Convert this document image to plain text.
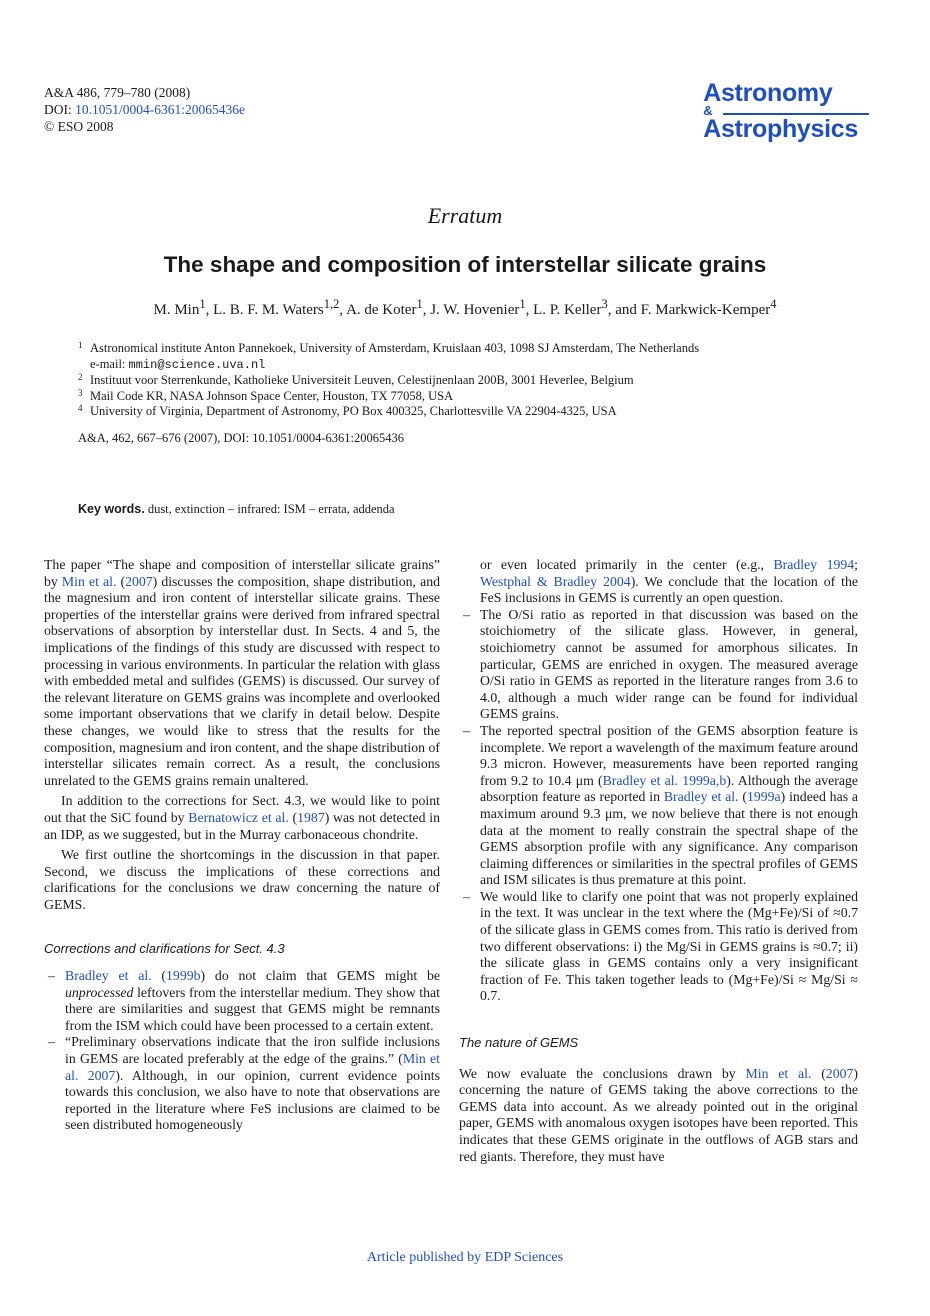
A&A 486, 779–780 (2008)
DOI: 10.1051/0004-6361:20065436e
© ESO 2008
Astronomy
&
Astrophysics
Erratum
The shape and composition of interstellar silicate grains
M. Min$^1$, L. B. F. M. Waters$^{1,2}$, A. de Koter$^1$, J. W. Hovenier$^1$, L. P. Keller$^3$, and F. Markwick-Kemper$^4$
1 Astronomical institute Anton Pannekoek, University of Amsterdam, Kruislaan 403, 1098 SJ Amsterdam, The Netherlands
e-mail: mmin@science.uva.nl
2 Instituut voor Sterrenkunde, Katholieke Universiteit Leuven, Celestijnenlaan 200B, 3001 Heverlee, Belgium
3 Mail Code KR, NASA Johnson Space Center, Houston, TX 77058, USA
4 University of Virginia, Department of Astronomy, PO Box 400325, Charlottesville VA 22904-4325, USA
A&A, 462, 667–676 (2007), DOI: 10.1051/0004-6361:20065436
Key words. dust, extinction – infrared: ISM – errata, addenda

The paper “The shape and composition of interstellar silicate grains” by Min et al. (2007) discusses the composition, shape distribution, and the magnesium and iron content of interstellar silicate grains. These properties of the interstellar grains were derived from infrared spectral observations of absorption by interstellar dust. In Sects. 4 and 5, the implications of the findings of this study are discussed with respect to processing in various environments. In particular the relation with glass with embedded metal and sulfides (GEMS) is discussed. Our survey of the relevant literature on GEMS grains was incomplete and overlooked some important observations that we clarify in detail below. Despite these changes, we would like to stress that the results for the composition, magnesium and iron content, and the shape distribution of interstellar silicates remain correct. As a result, the conclusions unrelated to the GEMS grains remain unaltered.

In addition to the corrections for Sect. 4.3, we would like to point out that the SiC found by Bernatowicz et al. (1987) was not detected in an IDP, as we suggested, but in the Murray carbonaceous chondrite.

We first outline the shortcomings in the discussion in that paper. Second, we discuss the implications of these corrections and clarifications for the conclusions we draw concerning the nature of GEMS.

Corrections and clarifications for Sect. 4.3

– Bradley et al. (1999b) do not claim that GEMS might be unprocessed leftovers from the interstellar medium. They show that there are similarities and suggest that GEMS might be remnants from the ISM which could have been processed to a certain extent.
– “Preliminary observations indicate that the iron sulfide inclusions in GEMS are located preferably at the edge of the grains.” (Min et al. 2007). Although, in our opinion, current evidence points towards this conclusion, we also have to note that observations are reported in the literature where FeS inclusions are claimed to be seen distributed homogeneously
or even located primarily in the center (e.g., Bradley 1994; Westphal & Bradley 2004). We conclude that the location of the FeS inclusions in GEMS is currently an open question.
– The O/Si ratio as reported in that discussion was based on the stoichiometry of the silicate glass. However, in general, stoichiometry cannot be assumed for amorphous silicates. In particular, GEMS are enriched in oxygen. The measured average O/Si ratio in GEMS as reported in the literature ranges from 3.6 to 4.0, although a much wider range can be found for individual GEMS grains.
– The reported spectral position of the GEMS absorption feature is incomplete. We report a wavelength of the maximum feature around 9.3 micron. However, measurements have been reported ranging from 9.2 to 10.4 μm (Bradley et al. 1999a,b). Although the average absorption feature as reported in Bradley et al. (1999a) indeed has a maximum around 9.3 μm, we now believe that there is not enough data at the moment to really constrain the spectral shape of the GEMS absorption profile with any significance. Any comparison claiming differences or similarities in the spectral profiles of GEMS and ISM silicates is thus premature at this point.
– We would like to clarify one point that was not properly explained in the text. It was unclear in the text where the (Mg+Fe)/Si of ≈0.7 of the silicate glass in GEMS comes from. This ratio is derived from two different observations: i) the Mg/Si in GEMS grains is ≈0.7; ii) the silicate glass in GEMS contains only a very insignificant fraction of Fe. This taken together leads to (Mg+Fe)/Si ≈ Mg/Si ≈ 0.7.

The nature of GEMS

We now evaluate the conclusions drawn by Min et al. (2007) concerning the nature of GEMS taking the above corrections to the GEMS data into account. As we already pointed out in the original paper, GEMS with anomalous oxygen isotopes have been reported. This indicates that these GEMS originate in the outflows of AGB stars and red giants. Therefore, they must have

Article published by EDP Sciences
